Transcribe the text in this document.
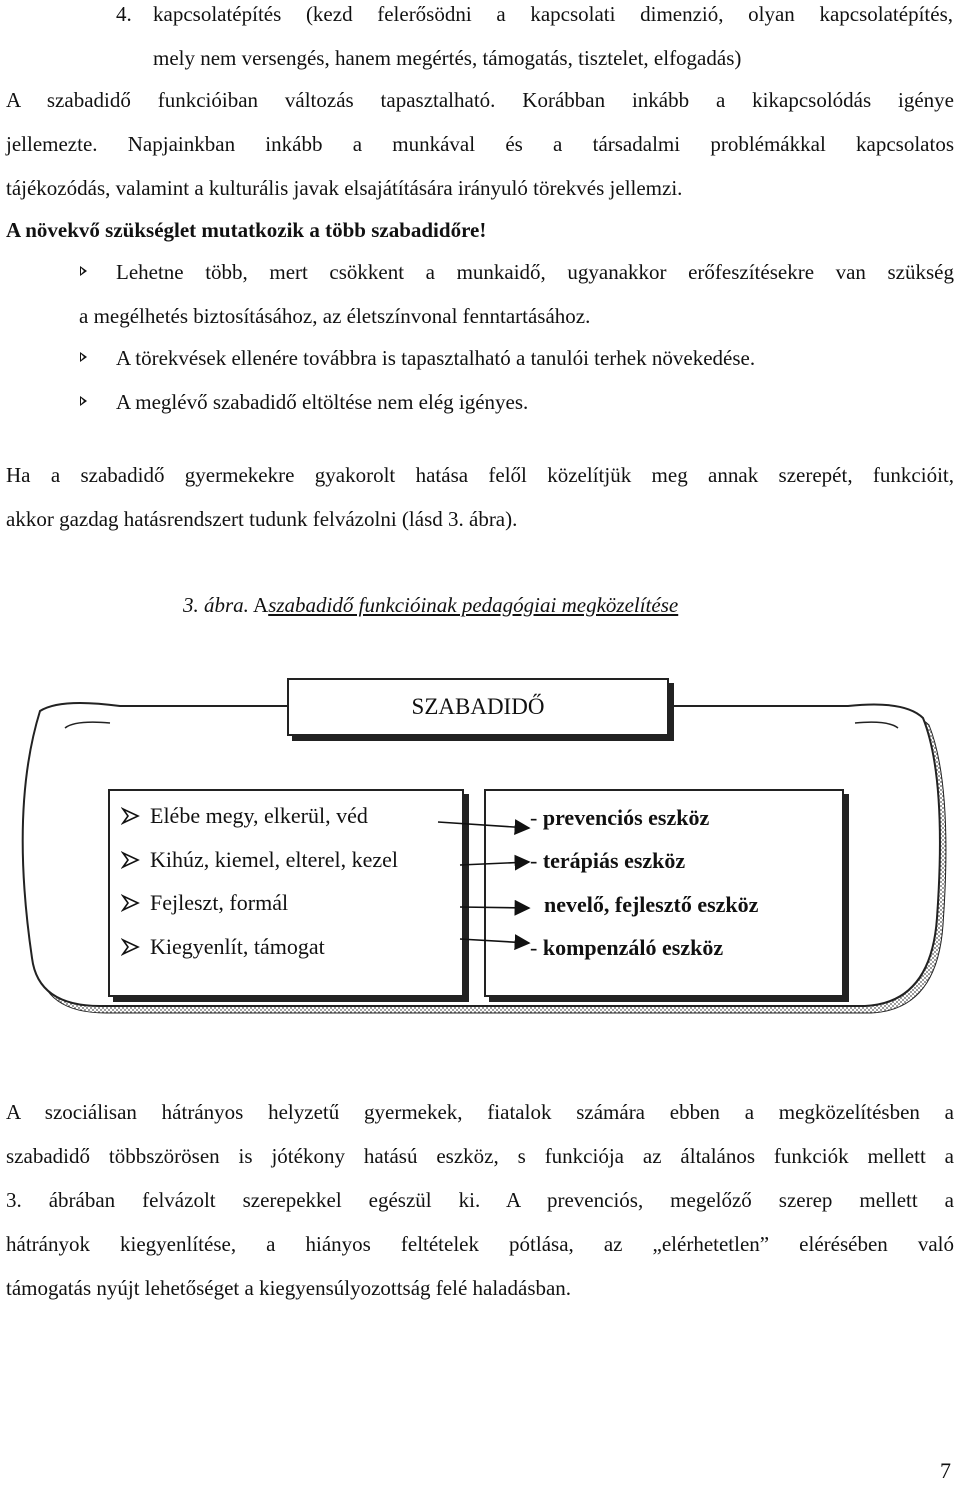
4. kapcsolatépítés (kezd felerősödni a kapcsolati dimenzió, olyan kapcsolatépítés,
mely nem versengés, hanem megértés, támogatás, tisztelet, elfogadás)
A szabadidő funkcióiban változás tapasztalható. Korábban inkább a kikapcsolódás igénye
jellemezte. Napjainkban inkább a munkával és a társadalmi problémákkal kapcsolatos
tájékozódás, valamint a kulturális javak elsajátítására irányuló törekvés jellemzi.
A növekvő szükséglet mutatkozik a több szabadidőre!
Lehetne több, mert csökkent a munkaidő, ugyanakkor erőfeszítésekre van szükség
a megélhetés biztosításához, az életszínvonal fenntartásához.
A törekvések ellenére továbbra is tapasztalható a tanulói terhek növekedése.
A meglévő szabadidő eltöltése nem elég igényes.
Ha a szabadidő gyermekekre gyakorolt hatása felől közelítjük meg annak szerepét, funkcióit,
akkor gazdag hatásrendszert tudunk felvázolni (lásd 3. ábra).
3. ábra. Aszabadidő funkcióinak pedagógiai megközelítése
SZABADIDŐ
Elébe megy, elkerül, véd
Kihúz, kiemel, elterel, kezel
Fejleszt, formál
Kiegyenlít, támogat
- prevenciós eszköz
- terápiás eszköz
nevelő, fejlesztő eszköz
- kompenzáló eszköz
A szociálisan hátrányos helyzetű gyermekek, fiatalok számára ebben a megközelítésben a
szabadidő többszörösen is jótékony hatású eszköz, s funkciója az általános funkciók mellett a
3. ábrában felvázolt szerepekkel egészül ki. A prevenciós, megelőző szerep mellett a
hátrányok kiegyenlítése, a hiányos feltételek pótlása, az „elérhetetlen” elérésében való
támogatás nyújt lehetőséget a kiegyensúlyozottság felé haladásban.
7
